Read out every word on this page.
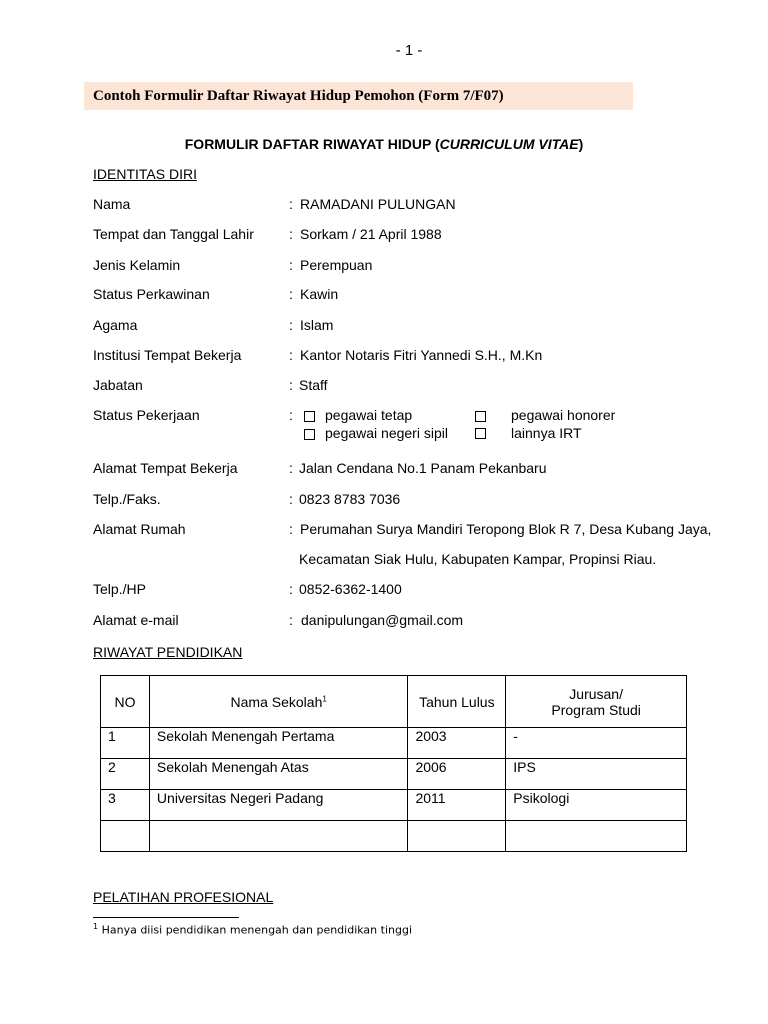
- 1 -
Contoh Formulir Daftar Riwayat Hidup Pemohon (Form 7/F07)
FORMULIR DAFTAR RIWAYAT HIDUP (CURRICULUM VITAE)
IDENTITAS DIRI
Nama	: RAMADANI PULUNGAN
Tempat dan Tanggal Lahir	: Sorkam / 21 April 1988
Jenis Kelamin	: Perempuan
Status Perkawinan	: Kawin
Agama	: Islam
Institusi Tempat Bekerja	: Kantor Notaris Fitri Yannedi S.H., M.Kn
Jabatan	: Staff
Status Pekerjaan	: pegawai tetap	pegawai honorer
pegawai negeri sipil	lainnya IRT
Alamat Tempat Bekerja	: Jalan Cendana No.1 Panam Pekanbaru
Telp./Faks.	: 0823 8783 7036
Alamat Rumah	: Perumahan Surya Mandiri Teropong Blok R 7, Desa Kubang Jaya,
Kecamatan Siak Hulu, Kabupaten Kampar, Propinsi Riau.
Telp./HP	: 0852-6362-1400
Alamat e-mail	: danipulungan@gmail.com
RIWAYAT PENDIDIKAN
NO	Nama Sekolah$^1$	Tahun Lulus	Jurusan/
Program Studi

1	Sekolah Menengah Pertama	2003	-
2	Sekolah Menengah Atas	2006	IPS
3	Universitas Negeri Padang	2011	Psikologi

PELATIHAN PROFESIONAL
$^1$ Hanya diisi pendidikan menengah dan pendidikan tinggi
